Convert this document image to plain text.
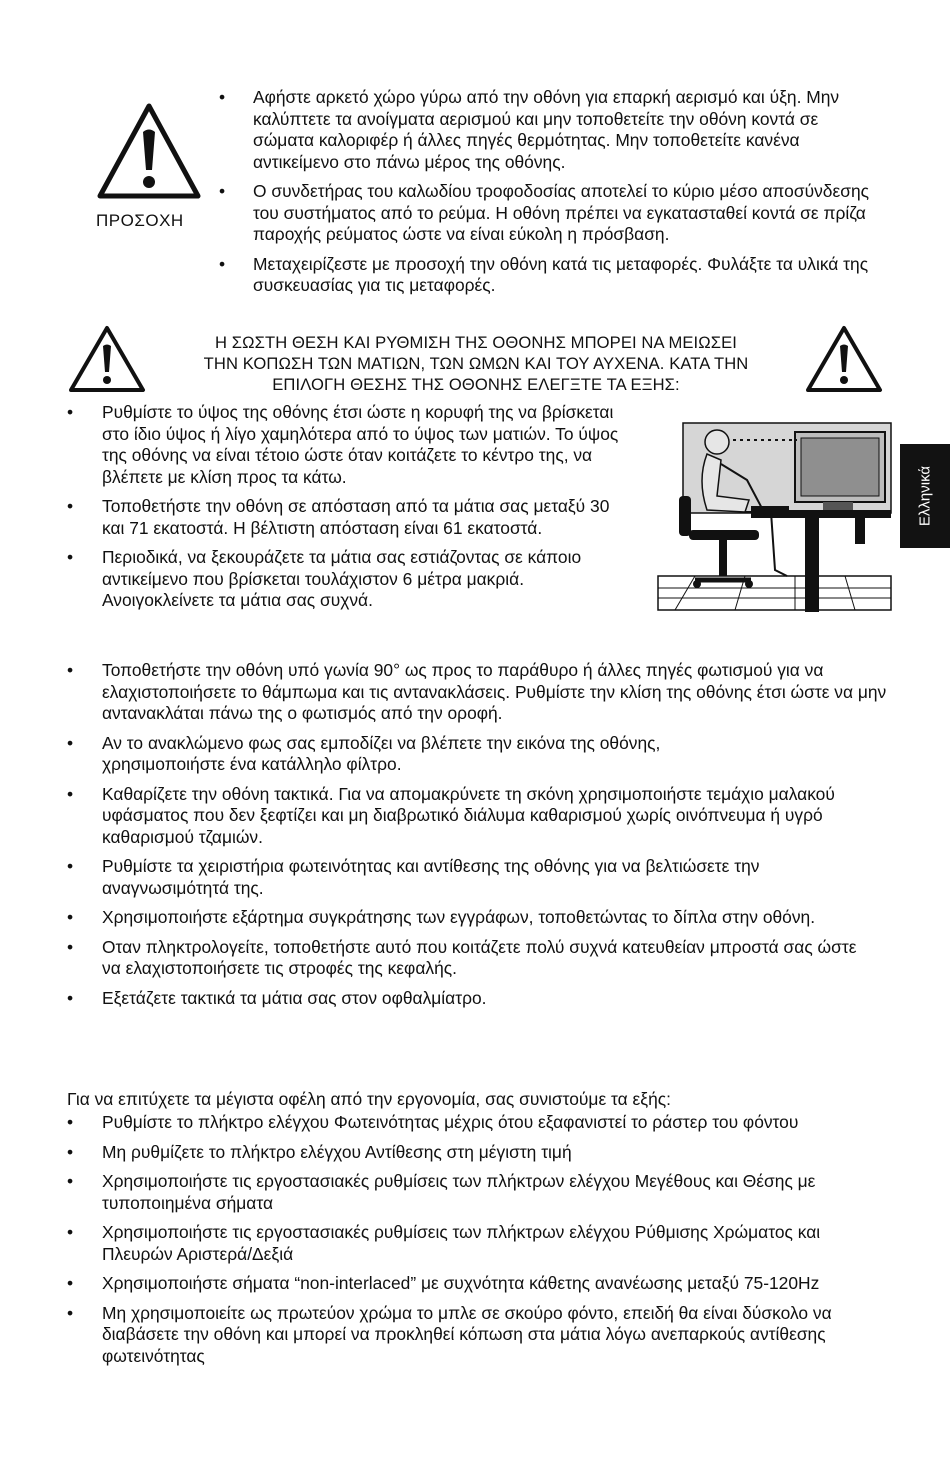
ΠΡΟΣΟΧΗ
• Αφήστε αρκετό χώρο γύρω από την οθόνη για επαρκή αερισμό και ύξη. Μην καλύπτετε τα ανοίγματα αερισμού και μην τοποθετείτε την οθόνη κοντά σε σώματα καλοριφέρ ή άλλες πηγές θερμότητας. Μην τοποθετείτε κανένα αντικείμενο στο πάνω μέρος της οθόνης.
• Ο συνδετήρας του καλωδίου τροφοδοσίας αποτελεί το κύριο μέσο αποσύνδεσης του συστήματος από το ρεύμα. Η οθόνη πρέπει να εγκατασταθεί κοντά σε πρίζα παροχής ρεύματος ώστε να είναι εύκολη η πρόσβαση.
• Μεταχειρίζεστε με προσοχή την οθόνη κατά τις μεταφορές. Φυλάξτε τα υλικά της συσκευασίας για τις μεταφορές.
Η ΣΩΣΤΗ ΘΕΣΗ ΚΑΙ ΡΥΘΜΙΣΗ ΤΗΣ ΟΘΟΝΗΣ ΜΠΟΡΕΙ ΝΑ ΜΕΙΩΣΕΙ
ΤΗΝ ΚΟΠΩΣΗ ΤΩΝ ΜΑΤΙΩΝ, ΤΩΝ ΩΜΩΝ ΚΑΙ ΤΟΥ ΑΥΧΕΝΑ. ΚΑΤΑ ΤΗΝ
ΕΠΙΛΟΓΗ ΘΕΣΗΣ ΤΗΣ ΟΘΟΝΗΣ ΕΛΕΓΞΤΕ ΤΑ ΕΞΗΣ:
Ελληνικά
• Ρυθμίστε το ύψος της οθόνης έτσι ώστε η κορυφή της να βρίσκεται στο ίδιο ύψος ή λίγο χαμηλότερα από το ύψος των ματιών. Το ύψος της οθόνης να είναι τέτοιο ώστε όταν κοιτάζετε το κέντρο της, να βλέπετε με κλίση προς τα κάτω.
• Τοποθετήστε την οθόνη σε απόσταση από τα μάτια σας μεταξύ 30 και 71 εκατοστά. Η βέλτιστη απόσταση είναι 61 εκατοστά.
• Περιοδικά, να ξεκουράζετε τα μάτια σας εστιάζοντας σε κάποιο αντικείμενο που βρίσκεται τουλάχιστον 6 μέτρα μακριά. Ανοιγοκλείνετε τα μάτια σας συχνά.
• Τοποθετήστε την οθόνη υπό γωνία 90° ως προς το παράθυρο ή άλλες πηγές φωτισμού για να ελαχιστοποιήσετε το θάμπωμα και τις αντανακλάσεις. Ρυθμίστε την κλίση της οθόνης έτσι ώστε να μην αντανακλάται πάνω της ο φωτισμός από την οροφή.
• Αν το ανακλώμενο φως σας εμποδίζει να βλέπετε την εικόνα της οθόνης, χρησιμοποιήστε ένα κατάλληλο φίλτρο.
• Καθαρίζετε την οθόνη τακτικά. Για να απομακρύνετε τη σκόνη χρησιμοποιήστε τεμάχιο μαλακού υφάσματος που δεν ξεφτίζει και μη διαβρωτικό διάλυμα καθαρισμού χωρίς οινόπνευμα ή υγρό καθαρισμού τζαμιών.
• Ρυθμίστε τα χειριστήρια φωτεινότητας και αντίθεσης της οθόνης για να βελτιώσετε την αναγνωσιμότητά της.
• Χρησιμοποιήστε εξάρτημα συγκράτησης των εγγράφων, τοποθετώντας το δίπλα στην οθόνη.
• Οταν πληκτρολογείτε, τοποθετήστε αυτό που κοιτάζετε πολύ συχνά κατευθείαν μπροστά σας ώστε να ελαχιστοποιήσετε τις στροφές της κεφαλής.
• Εξετάζετε τακτικά τα μάτια σας στον οφθαλμίατρο.
Για να επιτύχετε τα μέγιστα οφέλη από την εργονομία, σας συνιστούμε τα εξής:
• Ρυθμίστε το πλήκτρο ελέγχου Φωτεινότητας μέχρις ότου εξαφανιστεί το ράστερ του φόντου
• Μη ρυθμίζετε το πλήκτρο ελέγχου Αντίθεσης στη μέγιστη τιμή
• Χρησιμοποιήστε τις εργοστασιακές ρυθμίσεις των πλήκτρων ελέγχου Μεγέθους και Θέσης με τυποποιημένα σήματα
• Χρησιμοποιήστε τις εργοστασιακές ρυθμίσεις των πλήκτρων ελέγχου Ρύθμισης Χρώματος και Πλευρών Αριστερά/Δεξιά
• Χρησιμοποιήστε σήματα “non-interlaced” με συχνότητα κάθετης ανανέωσης μεταξύ 75-120Hz
• Μη χρησιμοποιείτε ως πρωτεύον χρώμα το μπλε σε σκούρο φόντο, επειδή θα είναι δύσκολο να διαβάσετε την οθόνη και μπορεί να προκληθεί κόπωση στα μάτια λόγω ανεπαρκούς αντίθεσης φωτεινότητας
